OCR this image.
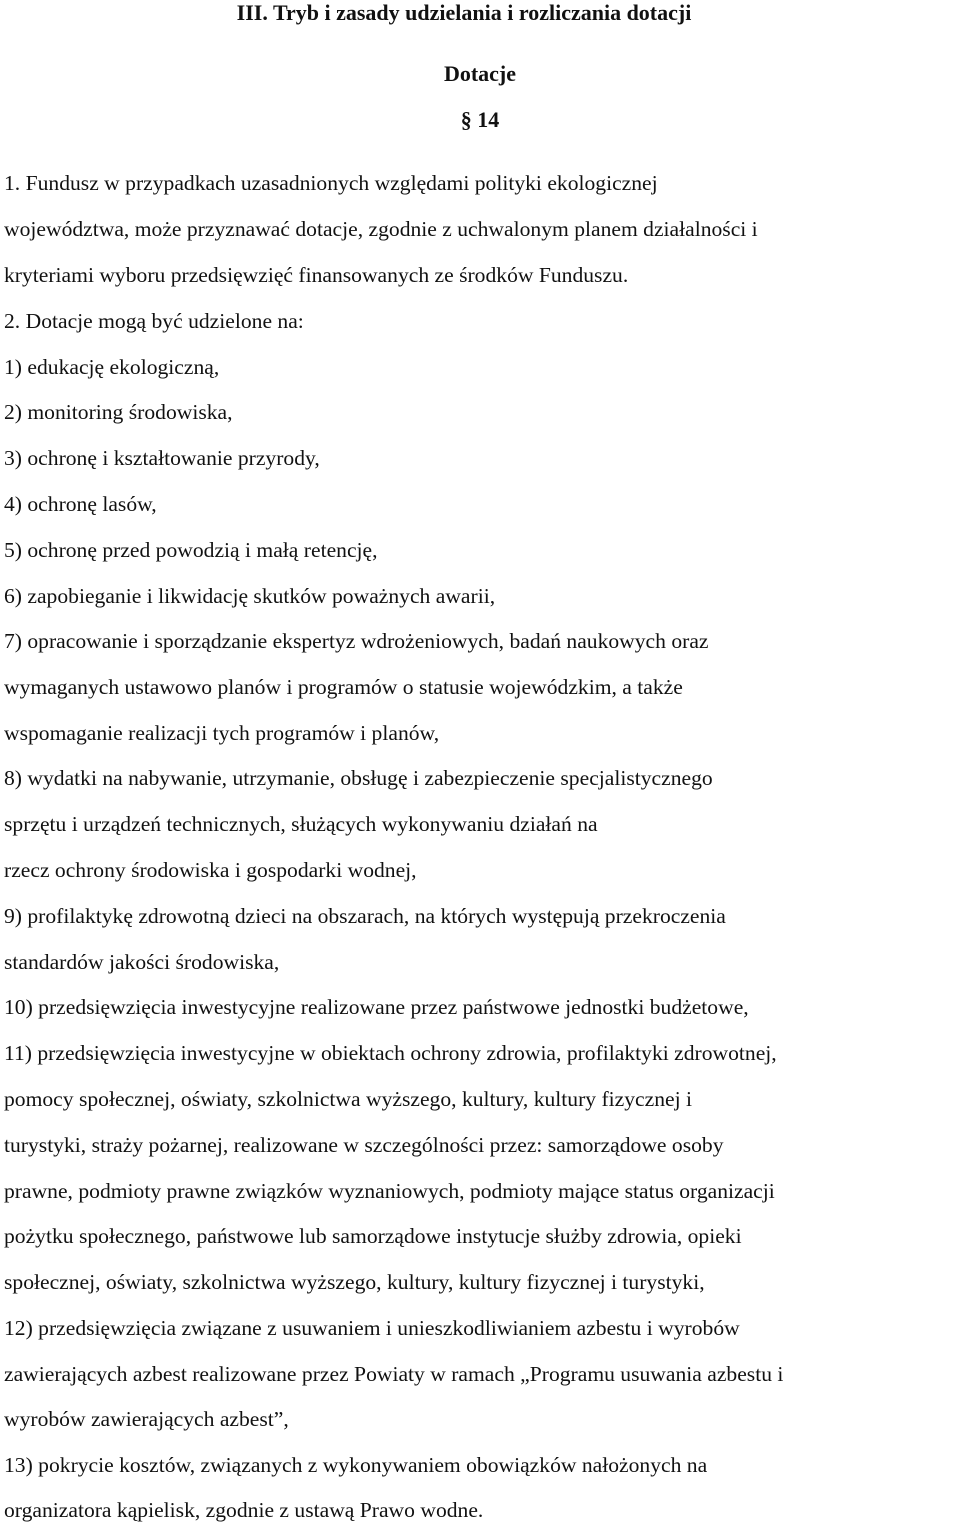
III. Tryb i zasady udzielania i rozliczania dotacji
Dotacje
§ 14
1. Fundusz w przypadkach uzasadnionych względami polityki ekologicznej
województwa, może przyznawać dotacje, zgodnie z uchwalonym planem działalności i
kryteriami wyboru przedsięwzięć finansowanych ze środków Funduszu.
2. Dotacje mogą być udzielone na:
1) edukację ekologiczną,
2) monitoring środowiska,
3) ochronę i kształtowanie przyrody,
4) ochronę lasów,
5) ochronę przed powodzią i małą retencję,
6) zapobieganie i likwidację skutków poważnych awarii,
7) opracowanie i sporządzanie ekspertyz wdrożeniowych, badań naukowych oraz
wymaganych ustawowo planów i programów o statusie wojewódzkim, a także
wspomaganie realizacji tych programów i planów,
8) wydatki na nabywanie, utrzymanie, obsługę i zabezpieczenie specjalistycznego
sprzętu i urządzeń technicznych, służących wykonywaniu działań na
rzecz ochrony środowiska i gospodarki wodnej,
9) profilaktykę zdrowotną dzieci na obszarach, na których występują przekroczenia
standardów jakości środowiska,
10) przedsięwzięcia inwestycyjne realizowane przez państwowe jednostki budżetowe,
11) przedsięwzięcia inwestycyjne w obiektach ochrony zdrowia, profilaktyki zdrowotnej,
pomocy społecznej, oświaty, szkolnictwa wyższego, kultury, kultury fizycznej i
turystyki, straży pożarnej, realizowane w szczególności przez: samorządowe osoby
prawne, podmioty prawne związków wyznaniowych, podmioty mające status organizacji
pożytku społecznego, państwowe lub samorządowe instytucje służby zdrowia, opieki
społecznej, oświaty, szkolnictwa wyższego, kultury, kultury fizycznej i turystyki,
12) przedsięwzięcia związane z usuwaniem i unieszkodliwianiem azbestu i wyrobów
zawierających azbest realizowane przez Powiaty w ramach „Programu usuwania azbestu i
wyrobów zawierających azbest”,
13) pokrycie kosztów, związanych z wykonywaniem obowiązków nałożonych na
organizatora kąpielisk, zgodnie z ustawą Prawo wodne.
